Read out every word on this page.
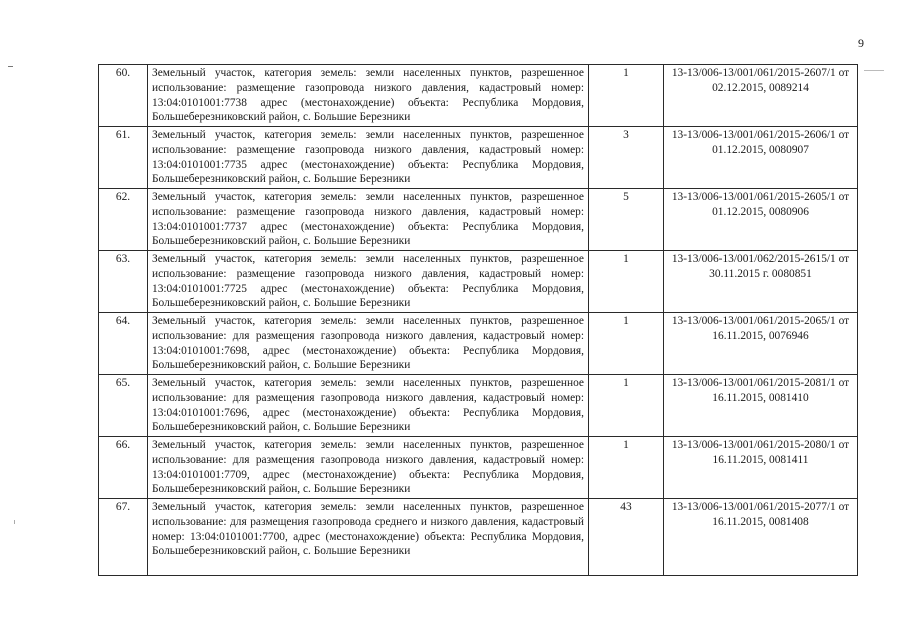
9
60.	Земельный участок, категория земель: земли населенных пунктов, разрешенное использование: размещение газопровода низкого давления, кадастровый номер: 13:04:0101001:7738 адрес (местонахождение) объекта: Республика Мордовия, Большеберезниковский район, с. Большие Березники	1	13-13/006-13/001/061/2015-2607/1 от 02.12.2015, 0089214
61.	Земельный участок, категория земель: земли населенных пунктов, разрешенное использование: размещение газопровода низкого давления, кадастровый номер: 13:04:0101001:7735 адрес (местонахождение) объекта: Республика Мордовия, Большеберезниковский район, с. Большие Березники	3	13-13/006-13/001/061/2015-2606/1 от 01.12.2015, 0080907
62.	Земельный участок, категория земель: земли населенных пунктов, разрешенное использование: размещение газопровода низкого давления, кадастровый номер: 13:04:0101001:7737 адрес (местонахождение) объекта: Республика Мордовия, Большеберезниковский район, с. Большие Березники	5	13-13/006-13/001/061/2015-2605/1 от 01.12.2015, 0080906
63.	Земельный участок, категория земель: земли населенных пунктов, разрешенное использование: размещение газопровода низкого давления, кадастровый номер: 13:04:0101001:7725 адрес (местонахождение) объекта: Республика Мордовия, Большеберезниковский район, с. Большие Березники	1	13-13/006-13/001/062/2015-2615/1 от 30.11.2015 г. 0080851
64.	Земельный участок, категория земель: земли населенных пунктов, разрешенное использование: для размещения газопровода низкого давления, кадастровый номер: 13:04:0101001:7698, адрес (местонахождение) объекта: Республика Мордовия, Большеберезниковский район, с. Большие Березники	1	13-13/006-13/001/061/2015-2065/1 от 16.11.2015, 0076946
65.	Земельный участок, категория земель: земли населенных пунктов, разрешенное использование: для размещения газопровода низкого давления, кадастровый номер: 13:04:0101001:7696, адрес (местонахождение) объекта: Республика Мордовия, Большеберезниковский район, с. Большие Березники	1	13-13/006-13/001/061/2015-2081/1 от 16.11.2015, 0081410
66.	Земельный участок, категория земель: земли населенных пунктов, разрешенное использование: для размещения газопровода низкого давления, кадастровый номер: 13:04:0101001:7709, адрес (местонахождение) объекта: Республика Мордовия, Большеберезниковский район, с. Большие Березники	1	13-13/006-13/001/061/2015-2080/1 от 16.11.2015, 0081411
67.	Земельный участок, категория земель: земли населенных пунктов, разрешенное использование: для размещения газопровода среднего и низкого давления, кадастровый номер: 13:04:0101001:7700, адрес (местонахождение) объекта: Республика Мордовия, Большеберезниковский район, с. Большие Березники	43	13-13/006-13/001/061/2015-2077/1 от 16.11.2015, 0081408
